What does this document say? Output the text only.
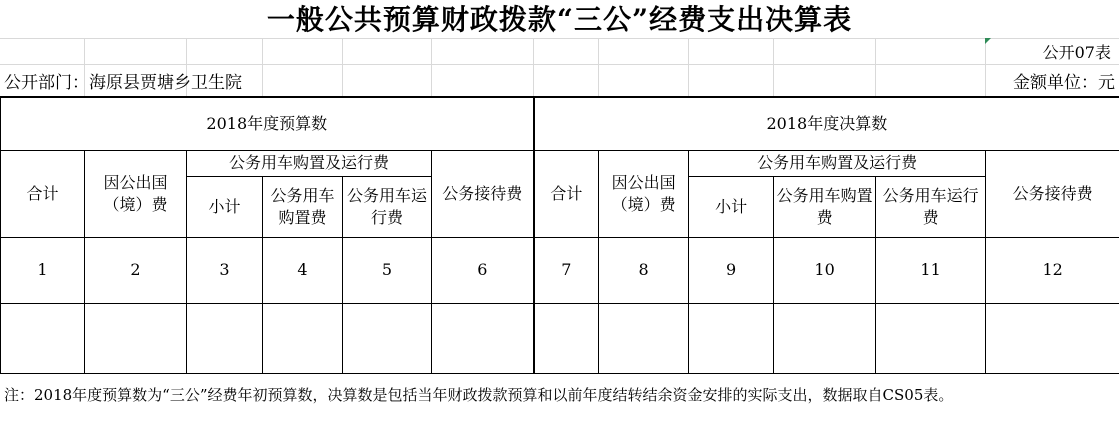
一般公共预算财政拨款“三公”经费支出决算表
公开07表
公开部门：海原县贾塘乡卫生院	金额单位：元
2018年度预算数						2018年度决算数					
合计	因公出国（境）费	公务用车购置及运行费			公务接待费	合计	因公出国（境）费	公务用车购置及运行费			公务接待费
		小计	公务用车购置费	公务用车运行费				小计	公务用车购置费	公务用车运行费	
1	2	3	4	5	6	7	8	9	10	11	12

注：2018年度预算数为“三公”经费年初预算数，决算数是包括当年财政拨款预算和以前年度结转结余资金安排的实际支出，数据取自CS05表。
